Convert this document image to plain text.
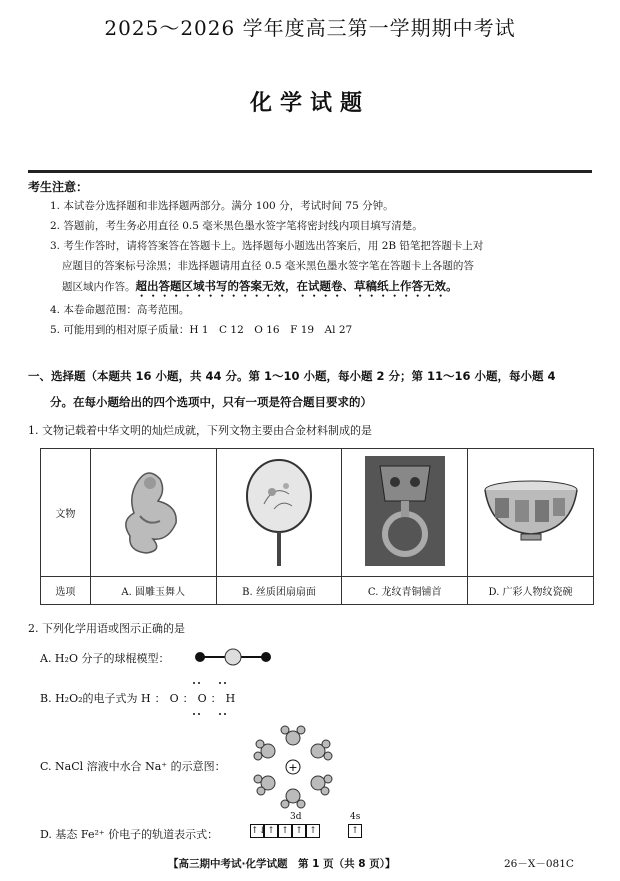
2025～2026 学年度高三第一学期期中考试
化学试题
考生注意：
1. 本试卷分选择题和非选择题两部分。满分 100 分，考试时间 75 分钟。
2. 答题前，考生务必用直径 0.5 毫米黑色墨水签字笔将密封线内项目填写清楚。
3. 考生作答时，请将答案答在答题卡上。选择题每小题选出答案后，用 2B 铅笔把答题卡上对
应题目的答案标号涂黑；非选择题请用直径 0.5 毫米黑色墨水签字笔在答题卡上各题的答
题区域内作答。超出答题区域书写的答案无效，在试题卷、草稿纸上作答无效。
4. 本卷命题范围：高考范围。
5. 可能用到的相对原子质量：H 1　C 12　O 16　F 19　Al 27
一、选择题（本题共 16 小题，共 44 分。第 1～10 小题，每小题 2 分；第 11～16 小题，每小题 4
分。在每小题给出的四个选项中，只有一项是符合题目要求的）
1. 文物记载着中华文明的灿烂成就，下列文物主要由合金材料制成的是
文物				
选项	A. 圆雕玉舞人	B. 丝质团扇扇面	C. 龙纹青铜铺首	D. 广彩人物纹瓷碗
2. 下列化学用语或图示正确的是
A. H₂O 分子的球棍模型：
B. H₂O₂的电子式为 H：O：O：H
C. NaCl 溶液中水合 Na⁺ 的示意图：	+
D. 基态 Fe²⁺ 价电子的轨道表示式：
3d	4s
↑↓↑ ↑ ↑ ↑	↑
【高三期中考试·化学试题　第 1 页（共 8 页）】	26－X－081C
